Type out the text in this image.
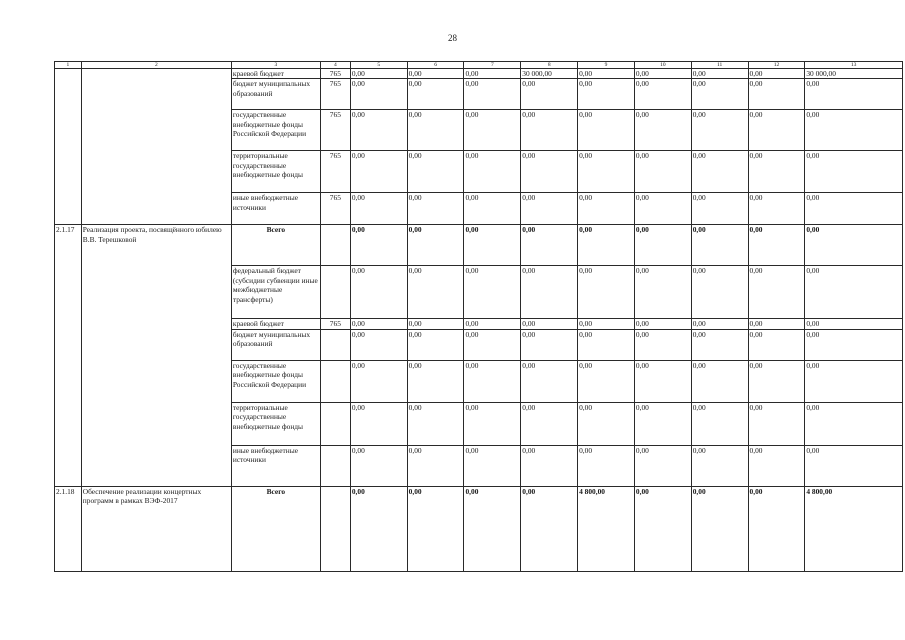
28
1	2	3	4	5	6	7	8	9	10	11	12	13
		краевой бюджет	765	0,00	0,00	0,00	30 000,00	0,00	0,00	0,00	0,00	30 000,00
		бюджет муниципальных образований	765	0,00	0,00	0,00	0,00	0,00	0,00	0,00	0,00	0,00
		государственные внебюджетные фонды Российской Федерации	765	0,00	0,00	0,00	0,00	0,00	0,00	0,00	0,00	0,00
		территориальные государственные внебюджетные фонды	765	0,00	0,00	0,00	0,00	0,00	0,00	0,00	0,00	0,00
		иные внебюджетные источники	765	0,00	0,00	0,00	0,00	0,00	0,00	0,00	0,00	0,00
2.1.17	Реализация проекта, посвящённого юбилею В.В. Терешковой	Всего		0,00	0,00	0,00	0,00	0,00	0,00	0,00	0,00	0,00
		федеральный бюджет (субсидии субвенции иные межбюджетные трансферты)		0,00	0,00	0,00	0,00	0,00	0,00	0,00	0,00	0,00
		краевой бюджет	765	0,00	0,00	0,00	0,00	0,00	0,00	0,00	0,00	0,00
		бюджет муниципальных образований		0,00	0,00	0,00	0,00	0,00	0,00	0,00	0,00	0,00
		государственные внебюджетные фонды Российской Федерации		0,00	0,00	0,00	0,00	0,00	0,00	0,00	0,00	0,00
		территориальные государственные внебюджетные фонды		0,00	0,00	0,00	0,00	0,00	0,00	0,00	0,00	0,00
		иные внебюджетные источники		0,00	0,00	0,00	0,00	0,00	0,00	0,00	0,00	0,00
2.1.18	Обеспечение реализации концертных программ в рамках ВЭФ-2017	Всего		0,00	0,00	0,00	0,00	4 800,00	0,00	0,00	0,00	4 800,00
